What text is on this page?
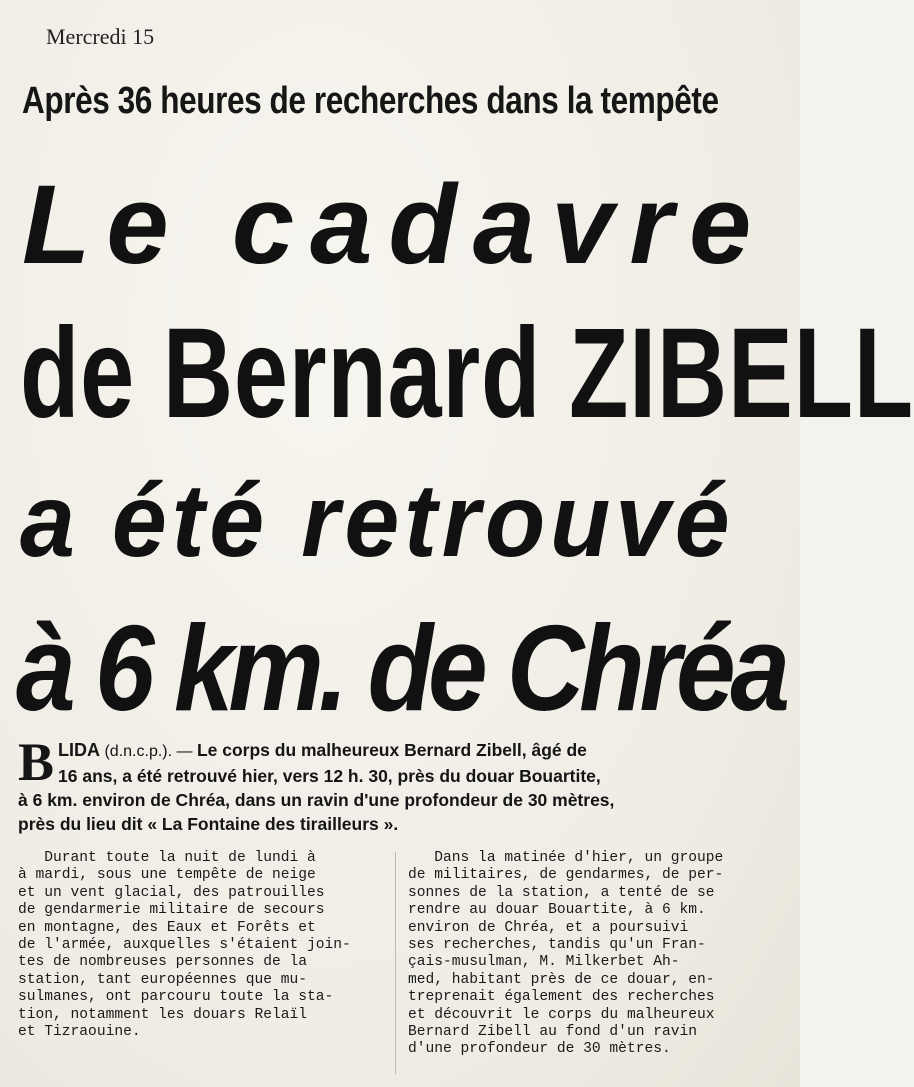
Mercredi 15
Après 36 heures de recherches dans la tempête
Le cadavre
de Bernard ZIBELL
a été retrouvé
à 6 km. de Chréa
B LIDA (d.n.c.p.). — Le corps du malheureux Bernard Zibell, âgé de
16 ans, a été retrouvé hier, vers 12 h. 30, près du douar Bouartite,
à 6 km. environ de Chréa, dans un ravin d'une profondeur de 30 mètres,
près du lieu dit « La Fontaine des tirailleurs ».
Durant toute la nuit de lundi à
à mardi, sous une tempête de neige
et un vent glacial, des patrouilles
de gendarmerie militaire de secours
en montagne, des Eaux et Forêts et
de l'armée, auxquelles s'étaient join-
tes de nombreuses personnes de la
station, tant européennes que mu-
sulmanes, ont parcouru toute la sta-
tion, notamment les douars Relaïl
et Tizraouine.
Dans la matinée d'hier, un groupe
de militaires, de gendarmes, de per-
sonnes de la station, a tenté de se
rendre au douar Bouartite, à 6 km.
environ de Chréa, et a poursuivi
ses recherches, tandis qu'un Fran-
çais-musulman, M. Milkerbet Ah-
med, habitant près de ce douar, en-
treprenait également des recherches
et découvrit le corps du malheureux
Bernard Zibell au fond d'un ravin
d'une profondeur de 30 mètres.
